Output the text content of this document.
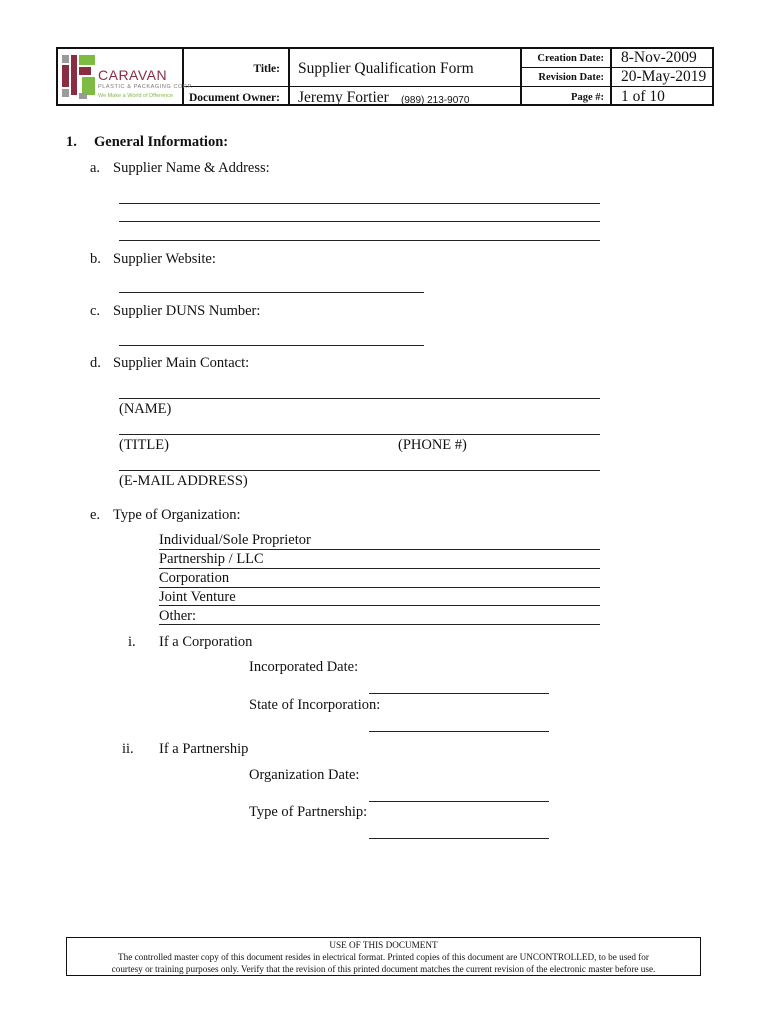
CARAVAN
PLASTIC & PACKAGING CORP.
We Make a World of Dfference
Title: Supplier Qualification Form
Document Owner: Jeremy Fortier (989) 213-9070
Creation Date: 8-Nov-2009
Revision Date: 20-May-2019
Page #: 1 of 10
1. General Information:
a. Supplier Name & Address:
b. Supplier Website:
c. Supplier DUNS Number:
d. Supplier Main Contact:
(NAME)
(TITLE)	(PHONE #)
(E-MAIL ADDRESS)
e. Type of Organization:
Individual/Sole Proprietor
Partnership / LLC
Corporation
Joint Venture
Other:
i. If a Corporation
Incorporated Date:
State of Incorporation:
ii. If a Partnership
Organization Date:
Type of Partnership:
USE OF THIS DOCUMENT
The controlled master copy of this document resides in electrical format. Printed copies of this document are UNCONTROLLED, to be used for
courtesy or training purposes only. Verify that the revision of this printed document matches the current revision of the electronic master before use.
